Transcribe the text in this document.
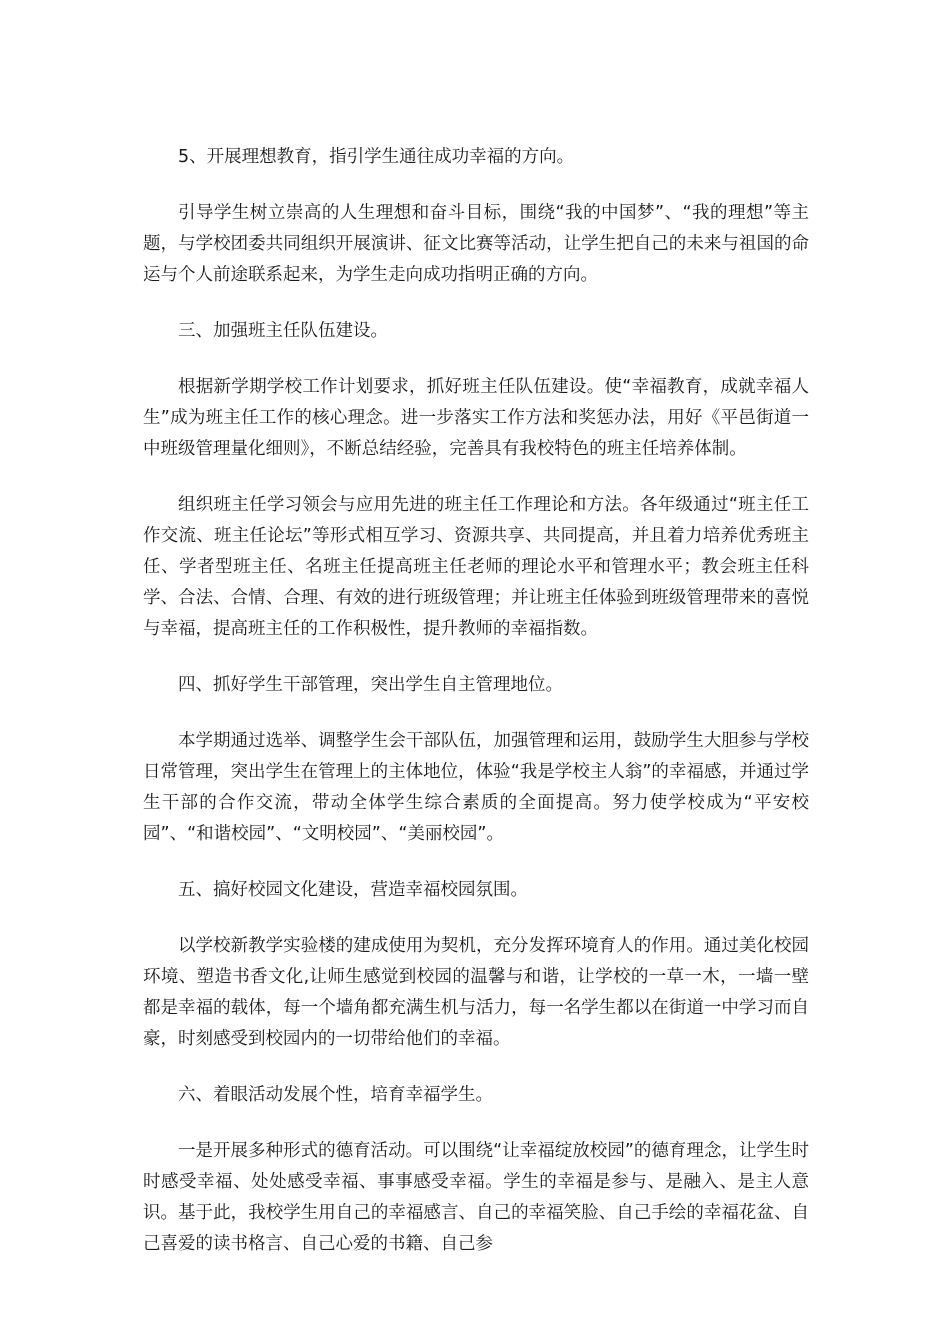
5、开展理想教育，指引学生通往成功幸福的方向。

引导学生树立崇高的人生理想和奋斗目标，围绕“我的中国梦”、“我的理想”等主题，与学校团委共同组织开展演讲、征文比赛等活动，让学生把自己的未来与祖国的命运与个人前途联系起来，为学生走向成功指明正确的方向。

三、加强班主任队伍建设。

根据新学期学校工作计划要求，抓好班主任队伍建设。使“幸福教育，成就幸福人生”成为班主任工作的核心理念。进一步落实工作方法和奖惩办法，用好《平邑街道一中班级管理量化细则》，不断总结经验，完善具有我校特色的班主任培养体制。

组织班主任学习领会与应用先进的班主任工作理论和方法。各年级通过“班主任工作交流、班主任论坛”等形式相互学习、资源共享、共同提高，并且着力培养优秀班主任、学者型班主任、名班主任提高班主任老师的理论水平和管理水平；教会班主任科学、合法、合情、合理、有效的进行班级管理；并让班主任体验到班级管理带来的喜悦与幸福，提高班主任的工作积极性，提升教师的幸福指数。

四、抓好学生干部管理，突出学生自主管理地位。

本学期通过选举、调整学生会干部队伍，加强管理和运用，鼓励学生大胆参与学校日常管理，突出学生在管理上的主体地位，体验“我是学校主人翁”的幸福感，并通过学生干部的合作交流，带动全体学生综合素质的全面提高。努力使学校成为“平安校园”、“和谐校园”、“文明校园”、“美丽校园”。

五、搞好校园文化建设，营造幸福校园氛围。

以学校新教学实验楼的建成使用为契机，充分发挥环境育人的作用。通过美化校园环境、塑造书香文化,让师生感觉到校园的温馨与和谐，让学校的一草一木，一墙一壁都是幸福的载体，每一个墙角都充满生机与活力，每一名学生都以在街道一中学习而自豪，时刻感受到校园内的一切带给他们的幸福。

六、着眼活动发展个性，培育幸福学生。

一是开展多种形式的德育活动。可以围绕“让幸福绽放校园”的德育理念，让学生时时感受幸福、处处感受幸福、事事感受幸福。学生的幸福是参与、是融入、是主人意识。基于此，我校学生用自己的幸福感言、自己的幸福笑脸、自己手绘的幸福花盆、自己喜爱的读书格言、自己心爱的书籍、自己参
